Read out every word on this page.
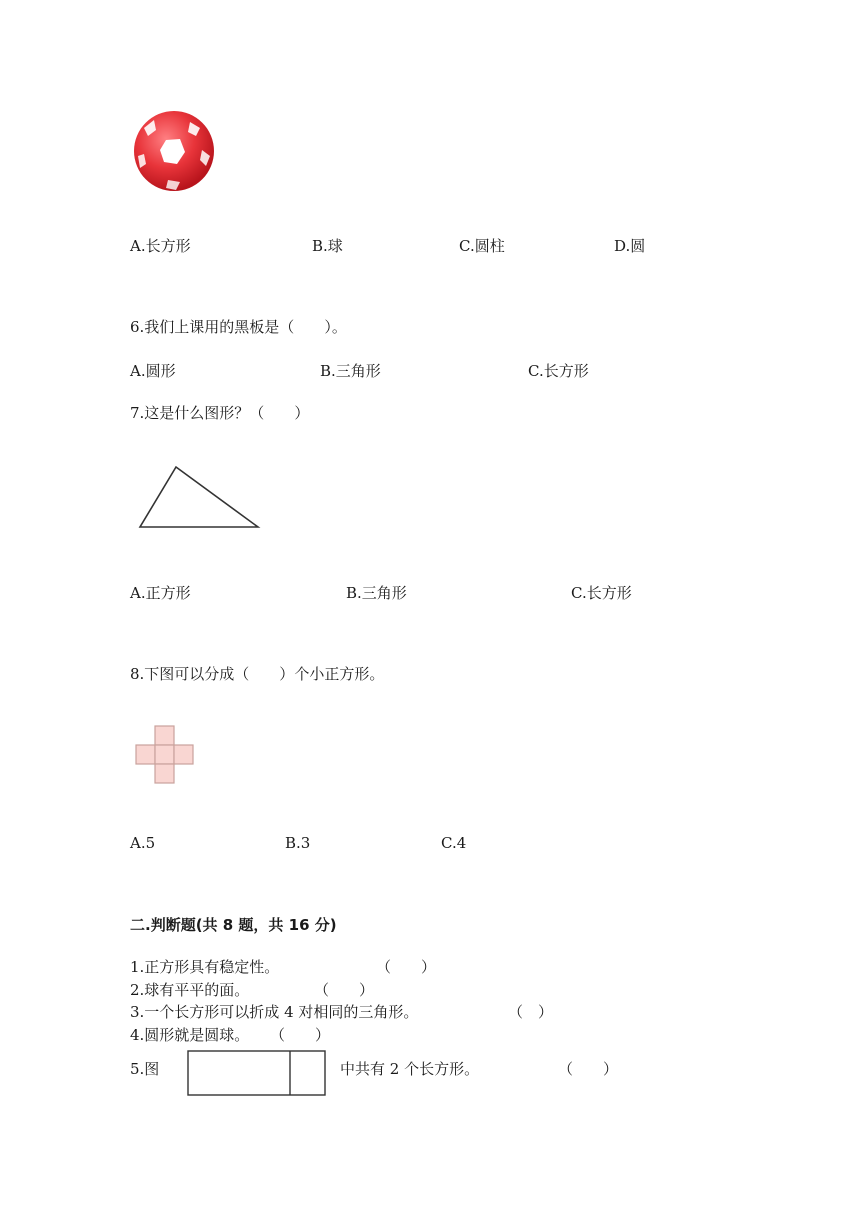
A.长方形	B.球	C.圆柱	D.圆
6.我们上课用的黑板是（　　）。
A.圆形	B.三角形	C.长方形
7.这是什么图形？（　　）
A.正方形	B.三角形	C.长方形
8.下图可以分成（　　）个小正方形。
A.5	B.3	C.4
二.判断题(共 8 题，共 16 分)
1.正方形具有稳定性。	（　　）
2.球有平平的面。	（　　）
3.一个长方形可以折成 4 对相同的三角形。	（　）
4.圆形就是圆球。 （　　）
5.图	中共有 2 个长方形。	（　　）
